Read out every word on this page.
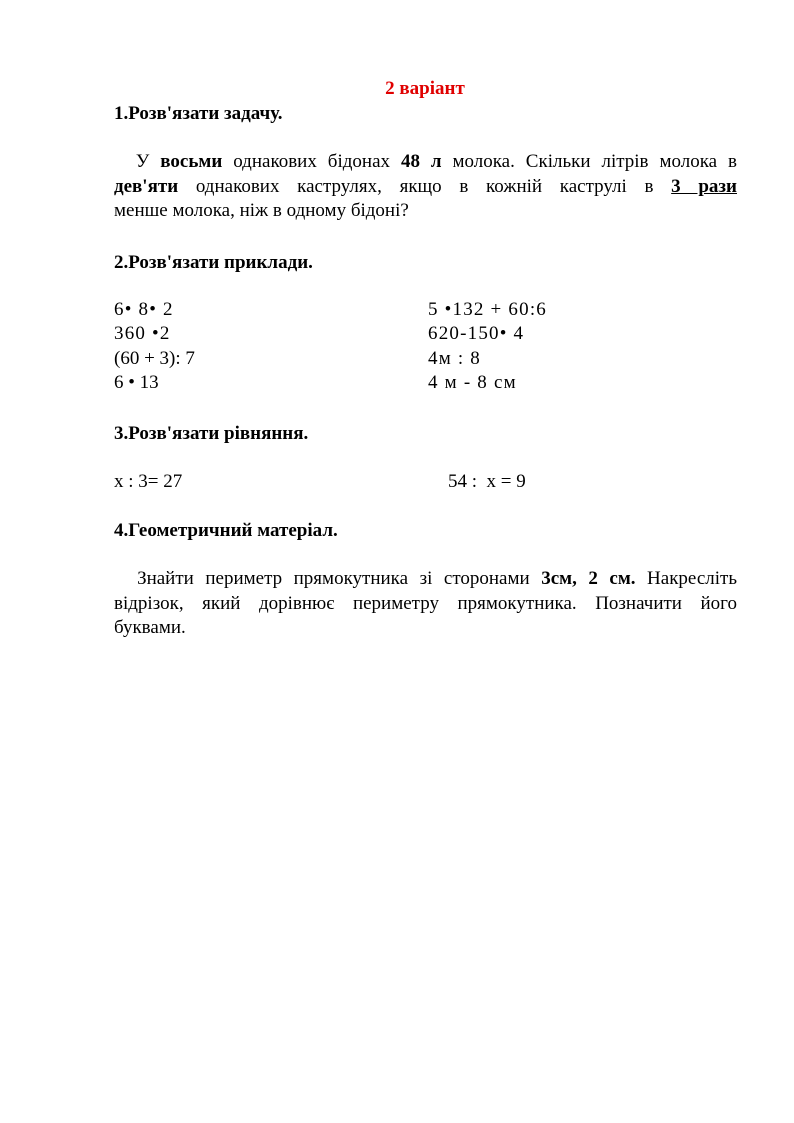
2 варіант
1.Розв'язати задачу.
У восьми однакових бідонах 48 л молока. Скільки літрів молока в
дев'яти однакових каструлях, якщо в кожній каструлі в 3 рази
менше молока, ніж в одному бідоні?
2.Розв'язати приклади.
6• 8• 2
360 •2
(60 + 3): 7
6 • 13
5 •132 + 60:6
620-150• 4
4м : 8
4 м - 8 см
3.Розв'язати рівняння.
x : 3= 27	54 :  x = 9
4.Геометричний матеріал.
Знайти периметр прямокутника зі сторонами 3см, 2 см. Накресліть
відрізок, який дорівнює периметру прямокутника. Позначити його
буквами.
